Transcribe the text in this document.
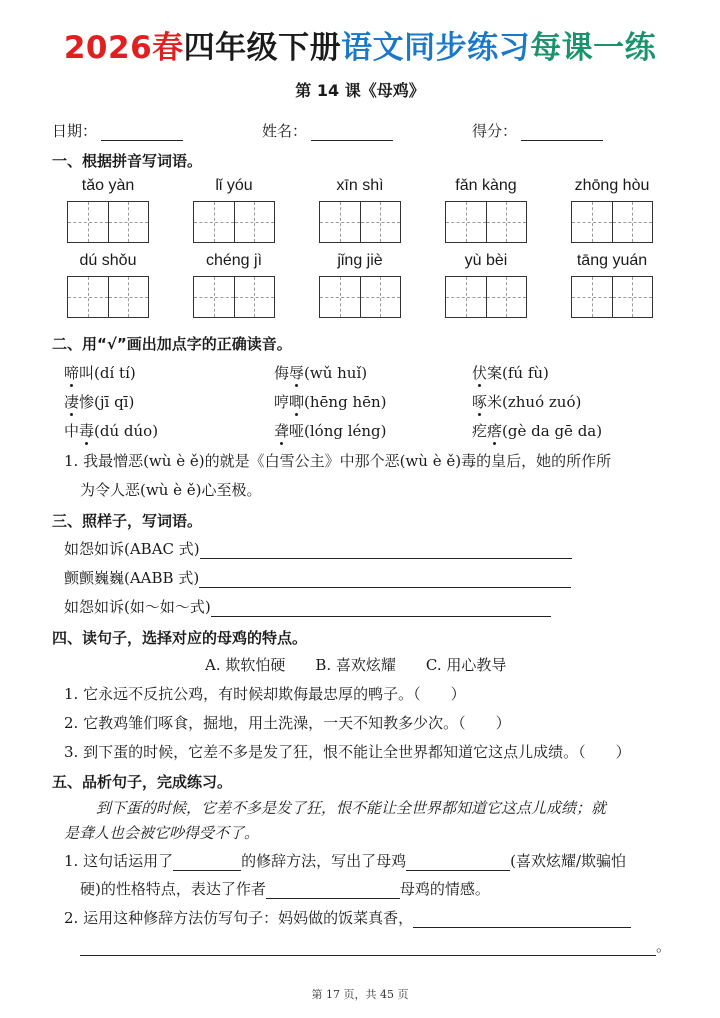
2026春四年级下册语文同步练习每课一练
第 14 课《母鸡》
日期：	姓名：	得分：
一、根据拼音写词语。
tǎo yàn	lǐ yóu	xīn shì	fǎn kàng	zhōng hòu
dú shǒu	chéng jì	jǐng jiè	yù bèi	tāng yuán
二、用“√”画出加点字的正确读音。
啼叫(dí tí)	侮辱(wǔ huǐ)	伏案(fú fù)
凄惨(jī qī)	哼唧(hēng hēn)	啄米(zhuó zuó)
中毒(dú dúo)	聋哑(lóng léng)	疙瘩(gè da gē da)
1. 我最憎恶(wù è ě)的就是《白雪公主》中那个恶(wù è ě)毒的皇后，她的所作所
为令人恶(wù è ě)心至极。
三、照样子，写词语。
如怨如诉(ABAC 式)
颤颤巍巍(AABB 式)
如怨如诉(如～如～式)
四、读句子，选择对应的母鸡的特点。
A. 欺软怕硬　　B. 喜欢炫耀　　C. 用心教导
1. 它永远不反抗公鸡，有时候却欺侮最忠厚的鸭子。（　　）
2. 它教鸡雏们啄食，掘地，用土洗澡，一天不知教多少次。（　　）
3. 到下蛋的时候，它差不多是发了狂，恨不能让全世界都知道它这点儿成绩。（　　）
五、品析句子，完成练习。
到下蛋的时候，它差不多是发了狂，恨不能让全世界都知道它这点儿成绩；就
是聋人也会被它吵得受不了。
1. 这句话运用了	的修辞方法，写出了母鸡	(喜欢炫耀/欺骗怕
硬)的性格特点，表达了作者	母鸡的情感。
2. 运用这种修辞方法仿写句子：妈妈做的饭菜真香，
。
第 17 页，共 45 页
